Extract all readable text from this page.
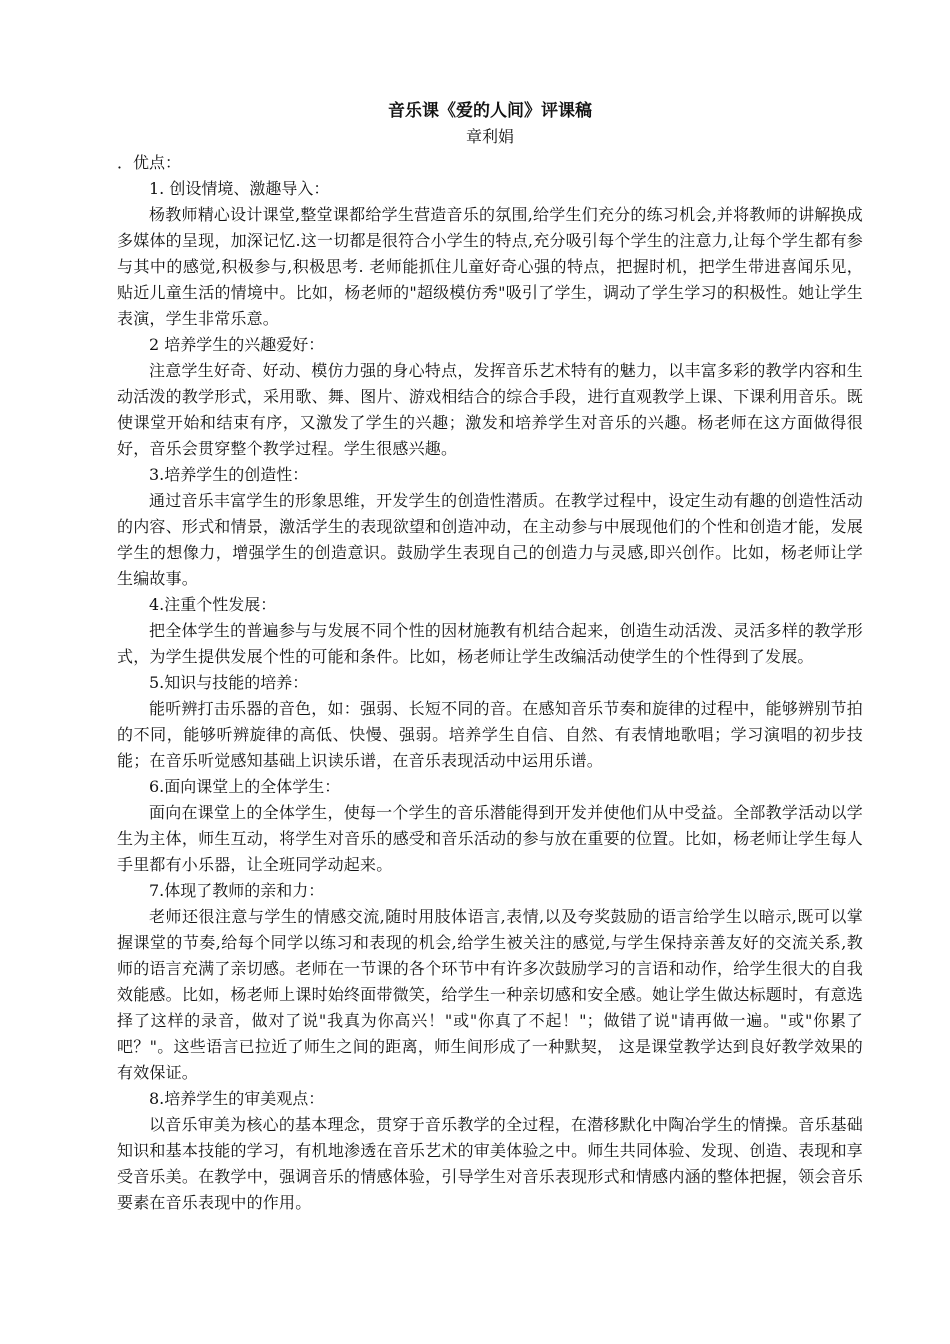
音乐课《爱的人间》评课稿

章利娟

．优点：

1. 创设情境、激趣导入：

杨教师精心设计课堂,整堂课都给学生营造音乐的氛围,给学生们充分的练习机会,并将教师的讲解换成多媒体的呈现，加深记忆.这一切都是很符合小学生的特点,充分吸引每个学生的注意力,让每个学生都有参与其中的感觉,积极参与,积极思考. 老师能抓住儿童好奇心强的特点，把握时机，把学生带进喜闻乐见，贴近儿童生活的情境中。比如，杨老师的"超级模仿秀"吸引了学生，调动了学生学习的积极性。她让学生表演，学生非常乐意。

2 培养学生的兴趣爱好：

注意学生好奇、好动、模仿力强的身心特点，发挥音乐艺术特有的魅力，以丰富多彩的教学内容和生动活泼的教学形式，采用歌、舞、图片、游戏相结合的综合手段，进行直观教学上课、下课利用音乐。既使课堂开始和结束有序，又激发了学生的兴趣；激发和培养学生对音乐的兴趣。杨老师在这方面做得很好，音乐会贯穿整个教学过程。学生很感兴趣。

3.培养学生的创造性：

通过音乐丰富学生的形象思维，开发学生的创造性潜质。在教学过程中，设定生动有趣的创造性活动的内容、形式和情景，激活学生的表现欲望和创造冲动，在主动参与中展现他们的个性和创造才能，发展学生的想像力，增强学生的创造意识。鼓励学生表现自己的创造力与灵感,即兴创作。比如，杨老师让学生编故事。

4.注重个性发展：

把全体学生的普遍参与与发展不同个性的因材施教有机结合起来，创造生动活泼、灵活多样的教学形式，为学生提供发展个性的可能和条件。比如，杨老师让学生改编活动使学生的个性得到了发展。

5.知识与技能的培养：

能听辨打击乐器的音色，如：强弱、长短不同的音。在感知音乐节奏和旋律的过程中，能够辨别节拍的不同，能够听辨旋律的高低、快慢、强弱。培养学生自信、自然、有表情地歌唱；学习演唱的初步技能；在音乐听觉感知基础上识读乐谱，在音乐表现活动中运用乐谱。

6.面向课堂上的全体学生：

面向在课堂上的全体学生，使每一个学生的音乐潜能得到开发并使他们从中受益。全部教学活动以学生为主体，师生互动，将学生对音乐的感受和音乐活动的参与放在重要的位置。比如，杨老师让学生每人手里都有小乐器，让全班同学动起来。

7.体现了教师的亲和力：

老师还很注意与学生的情感交流,随时用肢体语言,表情,以及夸奖鼓励的语言给学生以暗示,既可以掌握课堂的节奏,给每个同学以练习和表现的机会,给学生被关注的感觉,与学生保持亲善友好的交流关系,教师的语言充满了亲切感。老师在一节课的各个环节中有许多次鼓励学习的言语和动作，给学生很大的自我效能感。比如，杨老师上课时始终面带微笑，给学生一种亲切感和安全感。她让学生做达标题时，有意选择了这样的录音，做对了说"我真为你高兴！"或"你真了不起！"；做错了说"请再做一遍。"或"你累了吧？"。这些语言已拉近了师生之间的距离，师生间形成了一种默契， 这是课堂教学达到良好教学效果的有效保证。

8.培养学生的审美观点：

以音乐审美为核心的基本理念，贯穿于音乐教学的全过程，在潜移默化中陶冶学生的情操。音乐基础知识和基本技能的学习，有机地渗透在音乐艺术的审美体验之中。师生共同体验、发现、创造、表现和享受音乐美。在教学中，强调音乐的情感体验，引导学生对音乐表现形式和情感内涵的整体把握，领会音乐要素在音乐表现中的作用。
